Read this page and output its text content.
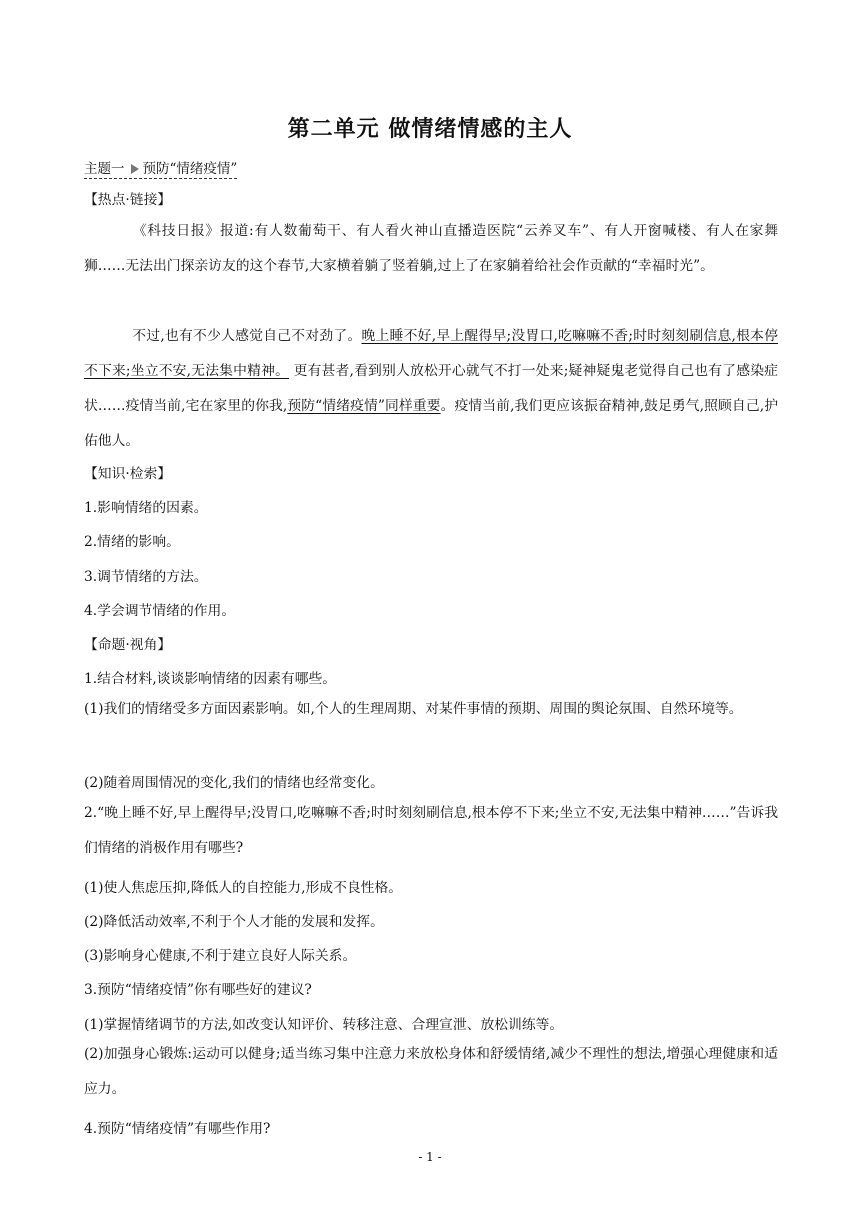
第二单元 做情绪情感的主人
主题一 预防“情绪疫情”
【热点·链接】
《科技日报》报道:有人数葡萄干、有人看火神山直播造医院“云养叉车”、有人开窗喊楼、有人在家舞狮……无法出门探亲访友的这个春节,大家横着躺了竖着躺,过上了在家躺着给社会作贡献的“幸福时光”。
不过,也有不少人感觉自己不对劲了。晚上睡不好,早上醒得早;没胃口,吃嘛嘛不香;时时刻刻刷信息,根本停不下来;坐立不安,无法集中精神。 更有甚者,看到别人放松开心就气不打一处来;疑神疑鬼老觉得自己也有了感染症状……疫情当前,宅在家里的你我,预防“情绪疫情”同样重要。疫情当前,我们更应该振奋精神,鼓足勇气,照顾自己,护佑他人。
【知识·检索】
1.影响情绪的因素。
2.情绪的影响。
3.调节情绪的方法。
4.学会调节情绪的作用。
【命题·视角】
1.结合材料,谈谈影响情绪的因素有哪些。
(1)我们的情绪受多方面因素影响。如,个人的生理周期、对某件事情的预期、周围的舆论氛围、自然环境等。
(2)随着周围情况的变化,我们的情绪也经常变化。
2.“晚上睡不好,早上醒得早;没胃口,吃嘛嘛不香;时时刻刻刷信息,根本停不下来;坐立不安,无法集中精神……”告诉我们情绪的消极作用有哪些?
(1)使人焦虑压抑,降低人的自控能力,形成不良性格。
(2)降低活动效率,不利于个人才能的发展和发挥。
(3)影响身心健康,不利于建立良好人际关系。
3.预防“情绪疫情”你有哪些好的建议?
(1)掌握情绪调节的方法,如改变认知评价、转移注意、合理宣泄、放松训练等。
(2)加强身心锻炼:运动可以健身;适当练习集中注意力来放松身体和舒缓情绪,减少不理性的想法,增强心理健康和适应力。
4.预防“情绪疫情”有哪些作用?
- 1 -
